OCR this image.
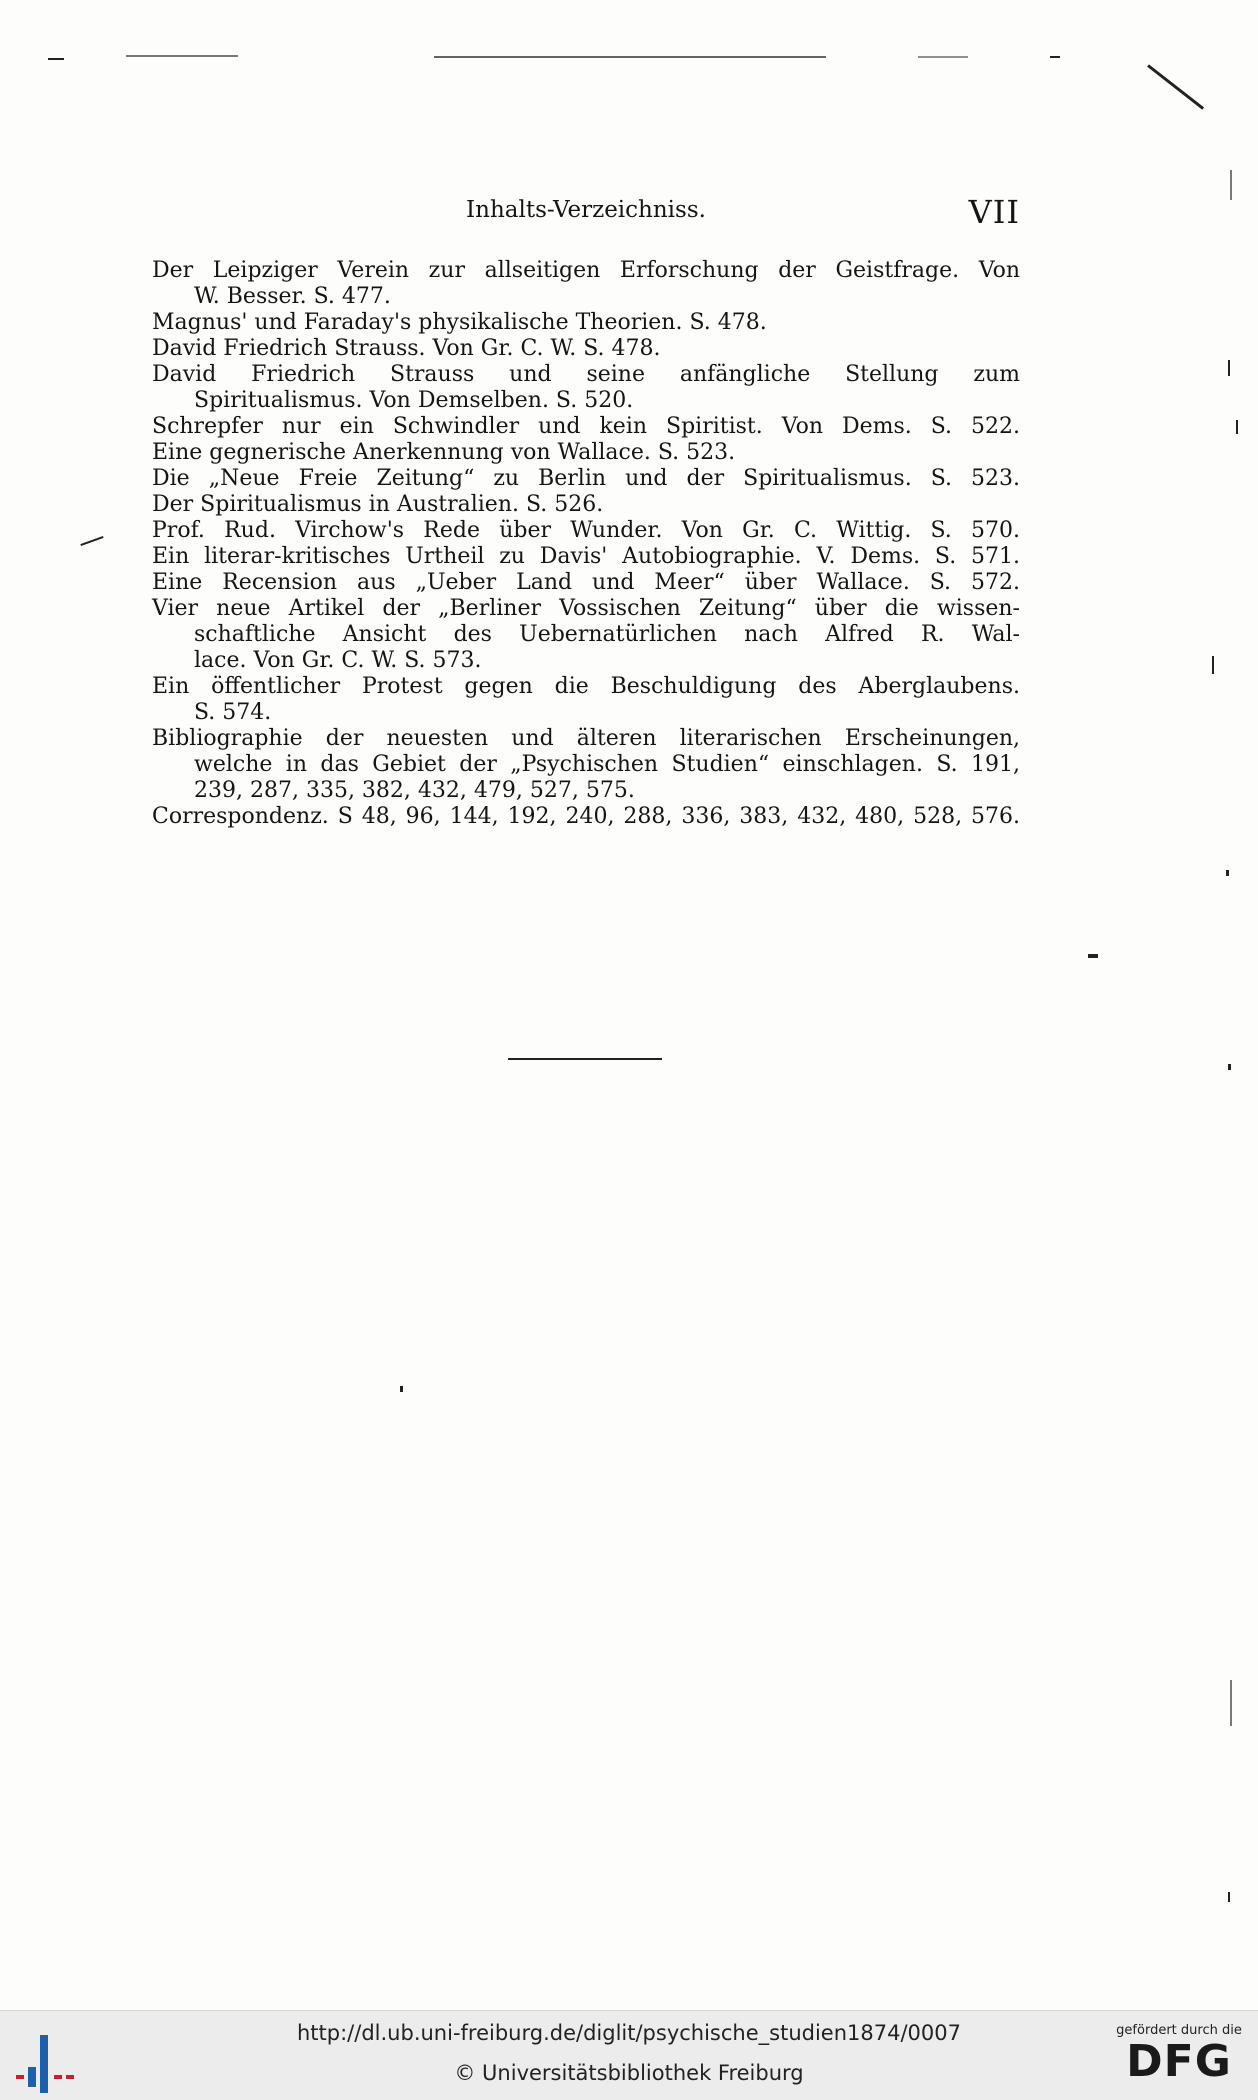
Inhalts-Verzeichniss.	VII
Der Leipziger Verein zur allseitigen Erforschung der Geistfrage. Von
W. Besser. S. 477.
Magnus' und Faraday's physikalische Theorien. S. 478.
David Friedrich Strauss. Von Gr. C. W. S. 478.
David Friedrich Strauss und seine anfängliche Stellung zum
Spiritualismus. Von Demselben. S. 520.
Schrepfer nur ein Schwindler und kein Spiritist. Von Dems. S. 522.
Eine gegnerische Anerkennung von Wallace. S. 523.
Die „Neue Freie Zeitung“ zu Berlin und der Spiritualismus. S. 523.
Der Spiritualismus in Australien. S. 526.
Prof. Rud. Virchow's Rede über Wunder. Von Gr. C. Wittig. S. 570.
Ein literar-kritisches Urtheil zu Davis' Autobiographie. V. Dems. S. 571.
Eine Recension aus „Ueber Land und Meer“ über Wallace. S. 572.
Vier neue Artikel der „Berliner Vossischen Zeitung“ über die wissen-
schaftliche Ansicht des Uebernatürlichen nach Alfred R. Wal-
lace. Von Gr. C. W. S. 573.
Ein öffentlicher Protest gegen die Beschuldigung des Aberglaubens.
S. 574.
Bibliographie der neuesten und älteren literarischen Erscheinungen,
welche in das Gebiet der „Psychischen Studien“ einschlagen. S. 191,
239, 287, 335, 382, 432, 479, 527, 575.
Correspondenz. S 48, 96, 144, 192, 240, 288, 336, 383, 432, 480, 528, 576.
http://dl.ub.uni-freiburg.de/diglit/psychische_studien1874/0007
© Universitätsbibliothek Freiburg
gefördert durch die
DFG
